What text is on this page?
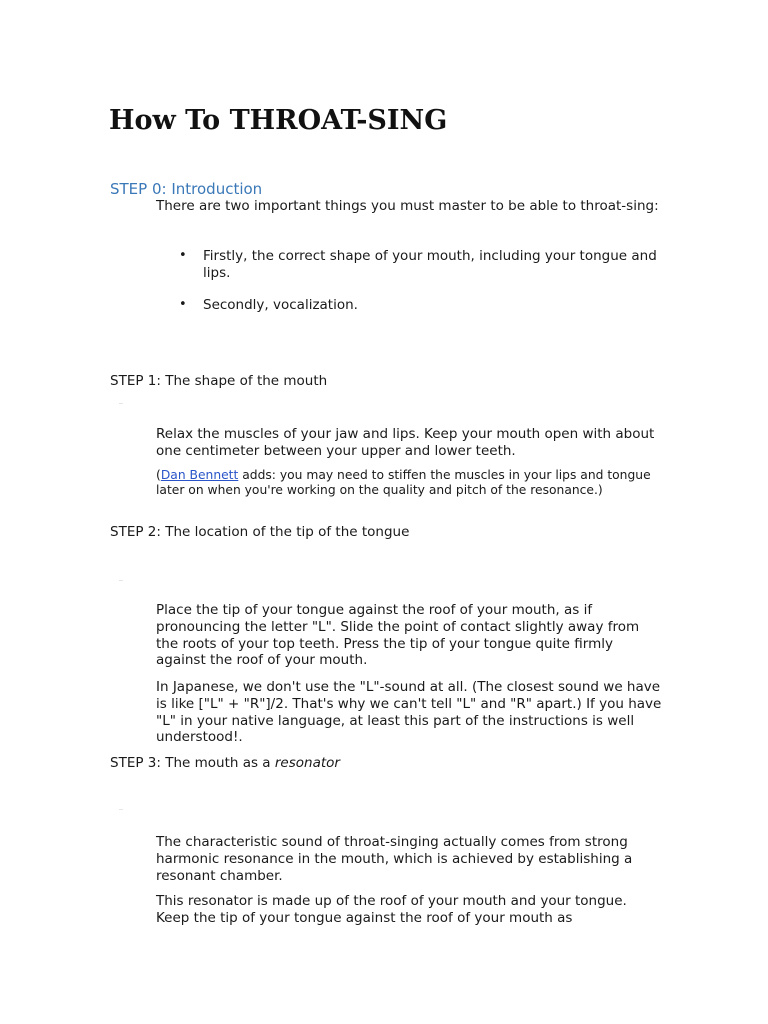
How To THROAT-SING
STEP 0: Introduction

There are two important things you must master to be able to throat-sing:

• Firstly, the correct shape of your mouth, including your tongue and lips.
• Secondly, vocalization.
STEP 1: The shape of the mouth

Relax the muscles of your jaw and lips. Keep your mouth open with about one centimeter between your upper and lower teeth.

(Dan Bennett adds: you may need to stiffen the muscles in your lips and tongue later on when you're working on the quality and pitch of the resonance.)

STEP 2: The location of the tip of the tongue

Place the tip of your tongue against the roof of your mouth, as if pronouncing the letter "L". Slide the point of contact slightly away from the roots of your top teeth. Press the tip of your tongue quite firmly against the roof of your mouth.

In Japanese, we don't use the "L"-sound at all. (The closest sound we have is like ["L" + "R"]/2. That's why we can't tell "L" and "R" apart.) If you have "L" in your native language, at least this part of the instructions is well understood!.

STEP 3: The mouth as a resonator

The characteristic sound of throat-singing actually comes from strong harmonic resonance in the mouth, which is achieved by establishing a resonant chamber.

This resonator is made up of the roof of your mouth and your tongue. Keep the tip of your tongue against the roof of your mouth as
